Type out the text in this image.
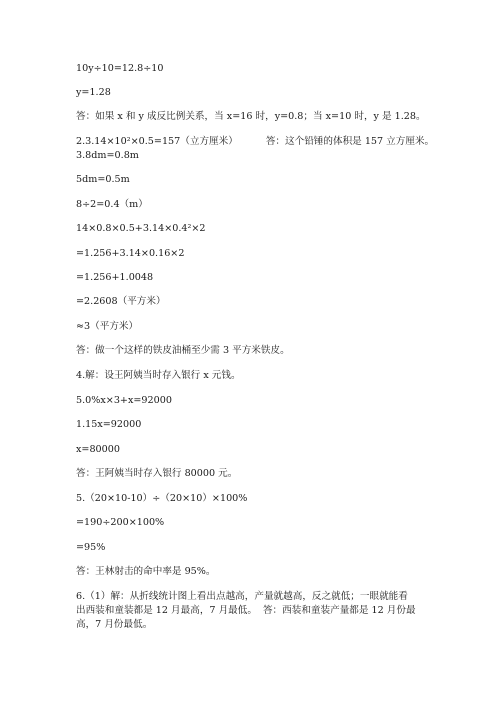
10y÷10=12.8÷10
y=1.28
答：如果 x 和 y 成反比例关系，当 x=16 时，y=0.8；当 x=10 时，y 是 1.28。
2.3.14×10²×0.5=157（立方厘米）	答：这个铅锤的体积是 157 立方厘米。
3.8dm=0.8m
5dm=0.5m
8÷2=0.4（m）
14×0.8×0.5+3.14×0.4²×2
=1.256+3.14×0.16×2
=1.256+1.0048
=2.2608（平方米）
≈3（平方米）
答：做一个这样的铁皮油桶至少需 3 平方米铁皮。
4.解：设王阿姨当时存入银行 x 元钱。
5.0%x×3+x=92000
1.15x=92000
x=80000
答：王阿姨当时存入银行 80000 元。
5.（20×10-10）÷（20×10）×100%
=190÷200×100%
=95%
答：王林射击的命中率是 95%。
6.（1）解：从折线统计图上看出点越高，产量就越高，反之就低；一眼就能看
出西装和童装都是 12 月最高，7 月最低。 答：西装和童装产量都是 12 月份最
高，7 月份最低。
